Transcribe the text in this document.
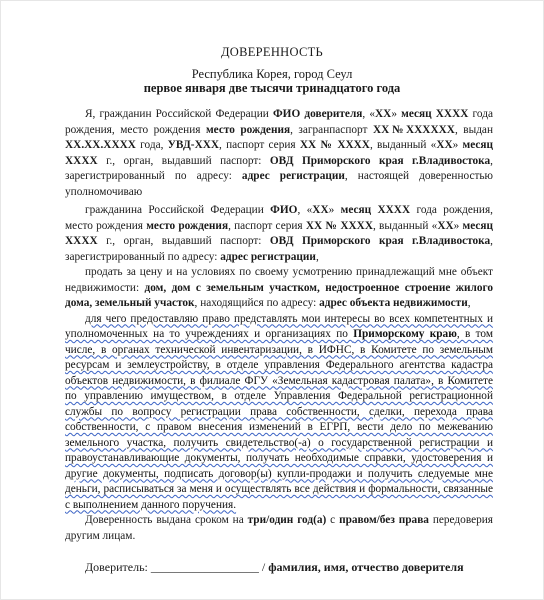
ДОВЕРЕННОСТЬ
Республика Корея, город Сеул
первое января две тысячи тринадцатого года

Я, гражданин Российской Федерации ФИО доверителя, «ХХ» месяц ХХХХ года рождения, место рождения место рождения, загранпаспорт ХХ№ХХХХХХ, выдан ХХ.ХХ.ХХХХ года, УВД-ХХХ, паспорт серия ХХ № ХХХХ, выданный «ХХ» месяц ХХХХ г., орган, выдавший паспорт: ОВД Приморского края г.Владивостока, зарегистрированный по адресу: адрес регистрации, настоящей доверенностью уполномочиваю

гражданина Российской Федерации ФИО, «ХХ» месяц ХХХХ года рождения, место рождения место рождения, паспорт серия ХХ № ХХХХ, выданный «ХХ» месяц ХХХХ г., орган, выдавший паспорт: ОВД Приморского края г.Владивостока, зарегистрированный по адресу: адрес регистрации,

продать за цену и на условиях по своему усмотрению принадлежащий мне объект недвижимости: дом, дом с земельным участком, недостроенное строение жилого дома, земельный участок, находящийся по адресу: адрес объекта недвижимости,

для чего предоставляю право представлять мои интересы во всех компетентных и уполномоченных на то учреждениях и организациях по Приморскому краю, в том числе, в органах технической инвентаризации, в ИФНС, в Комитете по земельным ресурсам и землеустройству, в отделе управления Федерального агентства кадастра объектов недвижимости, в филиале ФГУ «Земельная кадастровая палата», в Комитете по управлению имуществом, в отделе Управления Федеральной регистрационной службы по вопросу регистрации права собственности, сделки, перехода права собственности, с правом внесения изменений в ЕГРП, вести дело по межеванию земельного участка, получить свидетельство(-а) о государственной регистрации и правоустанавливающие документы, получать необходимые справки, удостоверения и другие документы, подписать договор(ы) купли-продажи и получить следуемые мне деньги, расписываться за меня и осуществлять все действия и формальности, связанные с выполнением данного поручения.

Доверенность выдана сроком на три/один год(а) с правом/без права передоверия другим лицам.

Доверитель: __________________ / фамилия, имя, отчество доверителя
